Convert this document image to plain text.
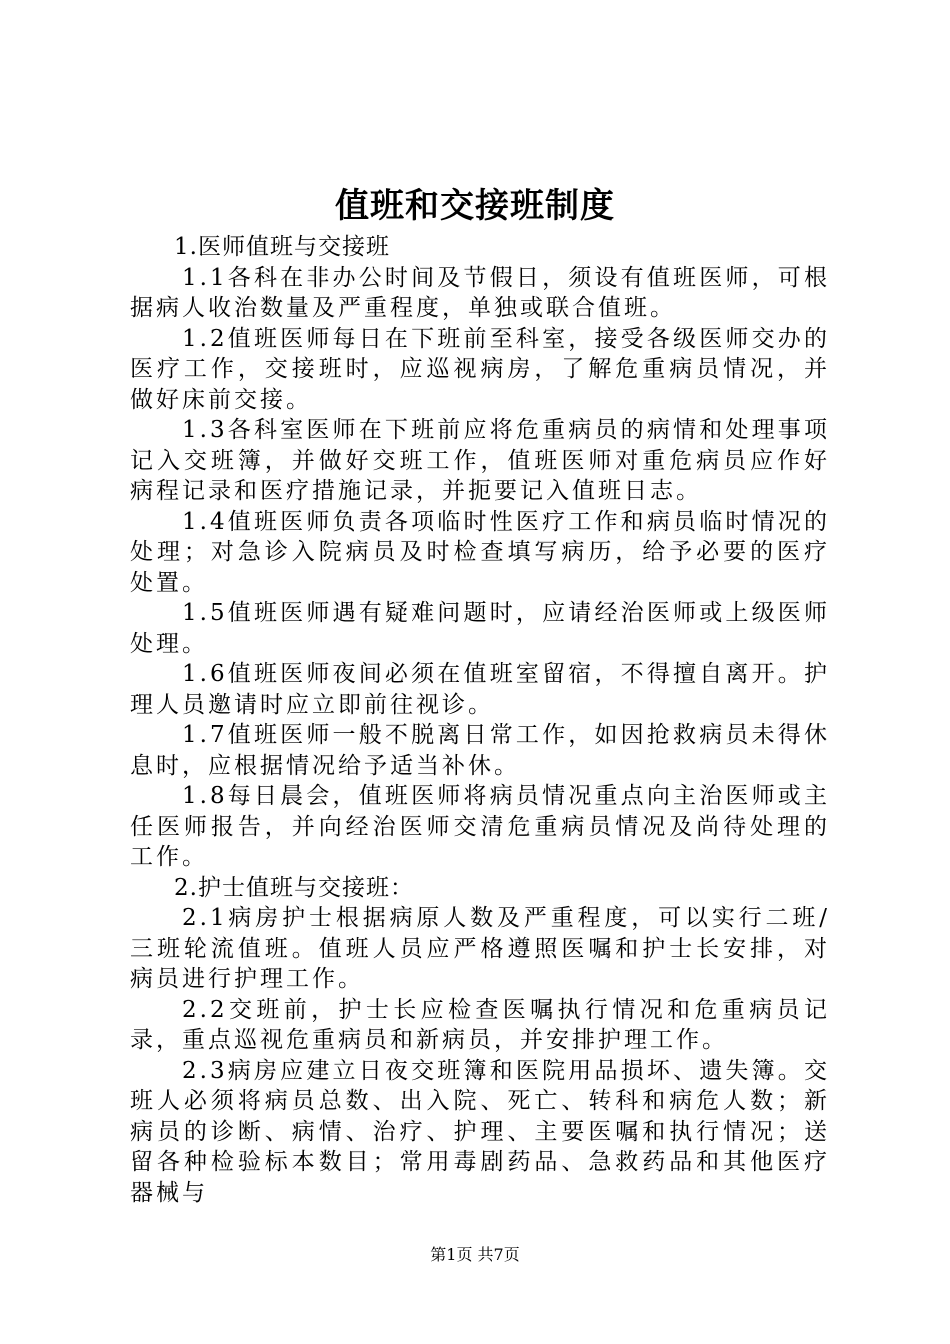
值班和交接班制度

1.医师值班与交接班

1.1各科在非办公时间及节假日，须设有值班医师，可根据病人收治数量及严重程度，单独或联合值班。

1.2值班医师每日在下班前至科室，接受各级医师交办的医疗工作，交接班时，应巡视病房，了解危重病员情况，并做好床前交接。

1.3各科室医师在下班前应将危重病员的病情和处理事项记入交班簿，并做好交班工作，值班医师对重危病员应作好病程记录和医疗措施记录，并扼要记入值班日志。

1.4值班医师负责各项临时性医疗工作和病员临时情况的处理；对急诊入院病员及时检查填写病历，给予必要的医疗处置。

1.5值班医师遇有疑难问题时，应请经治医师或上级医师处理。

1.6值班医师夜间必须在值班室留宿，不得擅自离开。护理人员邀请时应立即前往视诊。

1.7值班医师一般不脱离日常工作，如因抢救病员未得休息时，应根据情况给予适当补休。

1.8每日晨会，值班医师将病员情况重点向主治医师或主任医师报告，并向经治医师交清危重病员情况及尚待处理的工作。

2.护士值班与交接班：

2.1病房护士根据病原人数及严重程度，可以实行二班/三班轮流值班。值班人员应严格遵照医嘱和护士长安排，对病员进行护理工作。

2.2交班前，护士长应检查医嘱执行情况和危重病员记录，重点巡视危重病员和新病员，并安排护理工作。

2.3病房应建立日夜交班簿和医院用品损坏、遗失簿。交班人必须将病员总数、出入院、死亡、转科和病危人数；新病员的诊断、病情、治疗、护理、主要医嘱和执行情况；送留各种检验标本数目；常用毒剧药品、急救药品和其他医疗器械与

第1页 共7页
